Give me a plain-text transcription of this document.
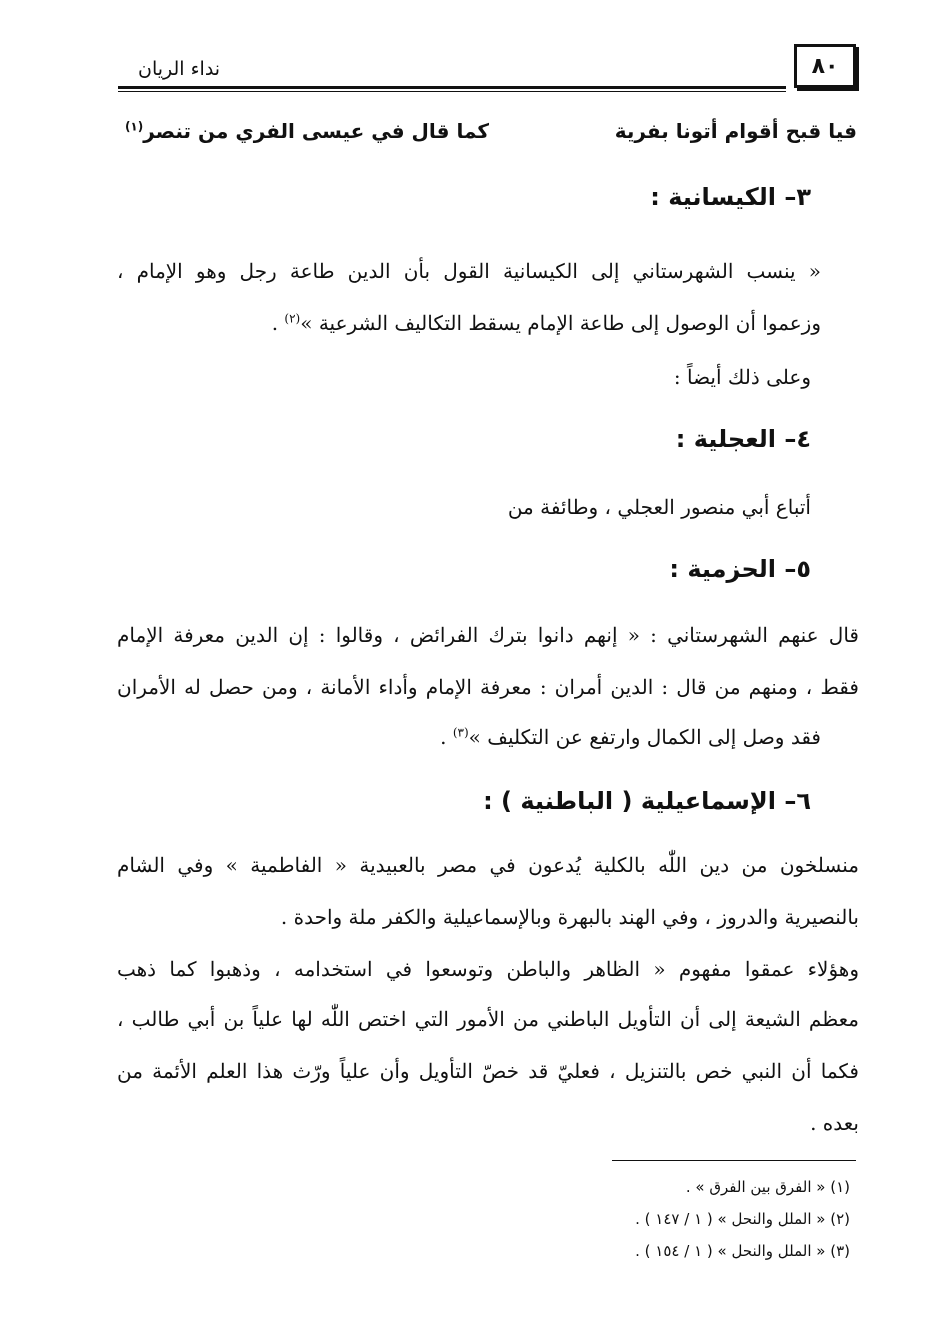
٨٠
نداء الريان
فيا قبح أقوام أتونا بفرية
كما قال في عيسى الفري من تنصر$^{(١)}$
٣– الكيسانية :
« ينسب الشهرستاني إلى الكيسانية القول بأن الدين طاعة رجل وهو الإمام ،
وزعموا أن الوصول إلى طاعة الإمام يسقط التكاليف الشرعية »$^{(٢)}$ .
وعلى ذلك أيضاً :
٤– العجلية :
أتباع أبي منصور العجلي ، وطائفة من
٥– الحزمية :
قال عنهم الشهرستاني : « إنهم دانوا بترك الفرائض ، وقالوا : إن الدين معرفة الإمام
فقط ، ومنهم من قال : الدين أمران : معرفة الإمام وأداء الأمانة ، ومن حصل له الأمران
فقد وصل إلى الكمال وارتفع عن التكليف »$^{(٣)}$ .
٦– الإسماعيلية ( الباطنية ) :
منسلخون من دين اللّٰه بالكلية يُدعون في مصر بالعبيدية « الفاطمية » وفي الشام
بالنصيرية والدروز ، وفي الهند بالبهرة وبالإسماعيلية والكفر ملة واحدة .
وهؤلاء عمقوا مفهوم « الظاهر والباطن وتوسعوا في استخدامه ، وذهبوا كما ذهب
معظم الشيعة إلى أن التأويل الباطني من الأمور التي اختص اللّٰه لها علياً بن أبي طالب ،
فكما أن النبي خص بالتنزيل ، فعليّ قد خصّ التأويل وأن علياً ورّث هذا العلم الأئمة من
بعده .
(١) « الفرق بين الفرق » .
(٢) « الملل والنحل » ( ١ / ١٤٧ ) .
(٣) « الملل والنحل » ( ١ / ١٥٤ ) .
